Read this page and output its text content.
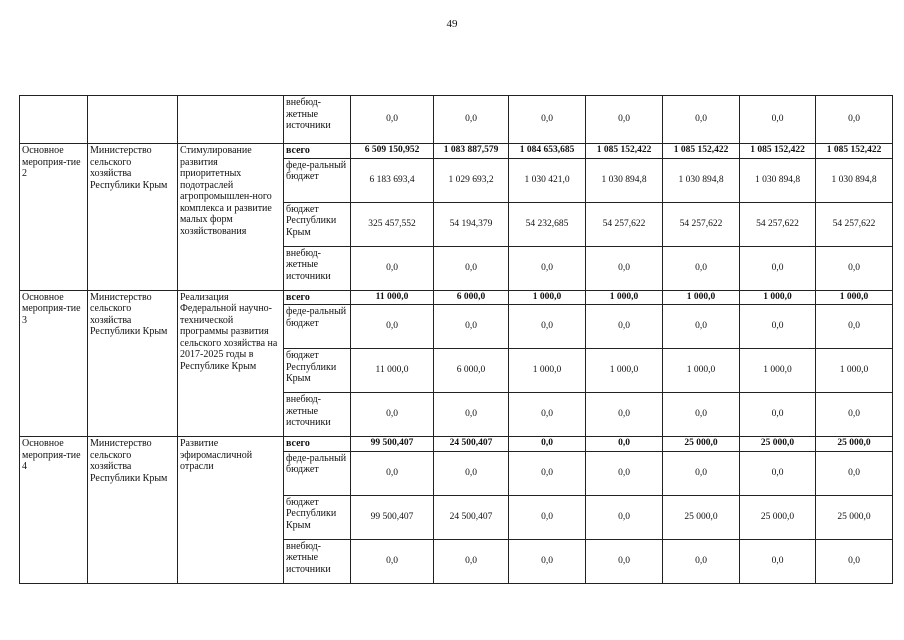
49
			внебюд-жетные источники	0,0	0,0	0,0	0,0	0,0	0,0	0,0
Основное мероприя-тие 2	Министерство сельского хозяйства Республики Крым	Стимулирование развития приоритетных подотраслей агропромышлен-ного комплекса и развитие малых форм хозяйствования	всего	6 509 150,952	1 083 887,579	1 084 653,685	1 085 152,422	1 085 152,422	1 085 152,422	1 085 152,422
			феде-ральный бюджет	6 183 693,4	1 029 693,2	1 030 421,0	1 030 894,8	1 030 894,8	1 030 894,8	1 030 894,8
			бюджет Республики Крым	325 457,552	54 194,379	54 232,685	54 257,622	54 257,622	54 257,622	54 257,622
			внебюд-жетные источники	0,0	0,0	0,0	0,0	0,0	0,0	0,0
Основное мероприя-тие 3	Министерство сельского хозяйства Республики Крым	Реализация Федеральной научно-технической программы развития сельского хозяйства на 2017-2025 годы в Республике Крым	всего	11 000,0	6 000,0	1 000,0	1 000,0	1 000,0	1 000,0	1 000,0
			феде-ральный бюджет	0,0	0,0	0,0	0,0	0,0	0,0	0,0
			бюджет Республики Крым	11 000,0	6 000,0	1 000,0	1 000,0	1 000,0	1 000,0	1 000,0
			внебюд-жетные источники	0,0	0,0	0,0	0,0	0,0	0,0	0,0
Основное мероприя-тие 4	Министерство сельского хозяйства Республики Крым	Развитие эфиромасличной отрасли	всего	99 500,407	24 500,407	0,0	0,0	25 000,0	25 000,0	25 000,0
			феде-ральный бюджет	0,0	0,0	0,0	0,0	0,0	0,0	0,0
			бюджет Республики Крым	99 500,407	24 500,407	0,0	0,0	25 000,0	25 000,0	25 000,0
			внебюд-жетные источники	0,0	0,0	0,0	0,0	0,0	0,0	0,0
